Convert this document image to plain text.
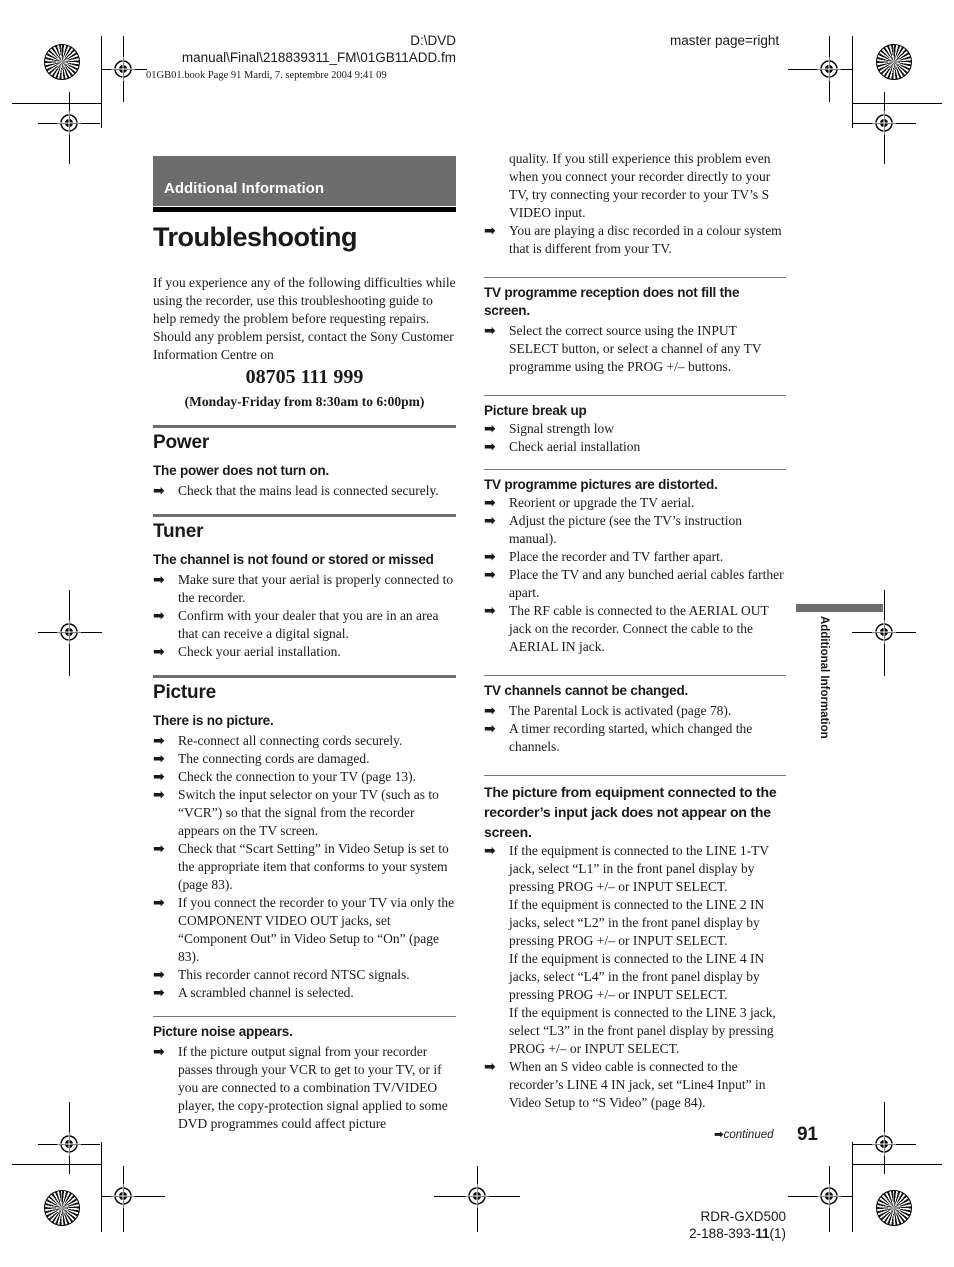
D:\DVD
manual\Final\218839311_FM\01GB11ADD.fm
01GB01.book Page 91 Mardi, 7. septembre 2004 9:41 09
master page=right
Additional Information
Troubleshooting
If you experience any of the following difficulties while using the recorder, use this troubleshooting guide to help remedy the problem before requesting repairs. Should any problem persist, contact the Sony Customer Information Centre on
08705 111 999
(Monday-Friday from 8:30am to 6:00pm)
Power
The power does not turn on.
➡ Check that the mains lead is connected securely.
Tuner
The channel is not found or stored or missed
➡ Make sure that your aerial is properly connected to the recorder.
➡ Confirm with your dealer that you are in an area that can receive a digital signal.
➡ Check your aerial installation.
Picture
There is no picture.
➡ Re-connect all connecting cords securely.
➡ The connecting cords are damaged.
➡ Check the connection to your TV (page 13).
➡ Switch the input selector on your TV (such as to “VCR”) so that the signal from the recorder appears on the TV screen.
➡ Check that “Scart Setting” in Video Setup is set to the appropriate item that conforms to your system (page 83).
➡ If you connect the recorder to your TV via only the COMPONENT VIDEO OUT jacks, set “Component Out” in Video Setup to “On” (page 83).
➡ This recorder cannot record NTSC signals.
➡ A scrambled channel is selected.
Picture noise appears.
➡ If the picture output signal from your recorder passes through your VCR to get to your TV, or if you are connected to a combination TV/VIDEO player, the copy-protection signal applied to some DVD programmes could affect picture
quality. If you still experience this problem even when you connect your recorder directly to your TV, try connecting your recorder to your TV’s S VIDEO input.
➡ You are playing a disc recorded in a colour system that is different from your TV.
TV programme reception does not fill the screen.
➡ Select the correct source using the INPUT SELECT button, or select a channel of any TV programme using the PROG +/– buttons.
Picture break up
➡ Signal strength low
➡ Check aerial installation
TV programme pictures are distorted.
➡ Reorient or upgrade the TV aerial.
➡ Adjust the picture (see the TV’s instruction manual).
➡ Place the recorder and TV farther apart.
➡ Place the TV and any bunched aerial cables farther apart.
➡ The RF cable is connected to the AERIAL OUT jack on the recorder. Connect the cable to the AERIAL IN jack.
TV channels cannot be changed.
➡ The Parental Lock is activated (page 78).
➡ A timer recording started, which changed the channels.
The picture from equipment connected to the recorder’s input jack does not appear on the screen.
➡ If the equipment is connected to the LINE 1-TV jack, select “L1” in the front panel display by pressing PROG +/– or INPUT SELECT.
If the equipment is connected to the LINE 2 IN jacks, select “L2” in the front panel display by pressing PROG +/– or INPUT SELECT.
If the equipment is connected to the LINE 4 IN jacks, select “L4” in the front panel display by pressing PROG +/– or INPUT SELECT.
If the equipment is connected to the LINE 3 jack, select “L3” in the front panel display by pressing PROG +/– or INPUT SELECT.
➡ When an S video cable is connected to the recorder’s LINE 4 IN jack, set “Line4 Input” in Video Setup to “S Video” (page 84).
Additional Information
➡continued 91
RDR-GXD500
2-188-393-11(1)
